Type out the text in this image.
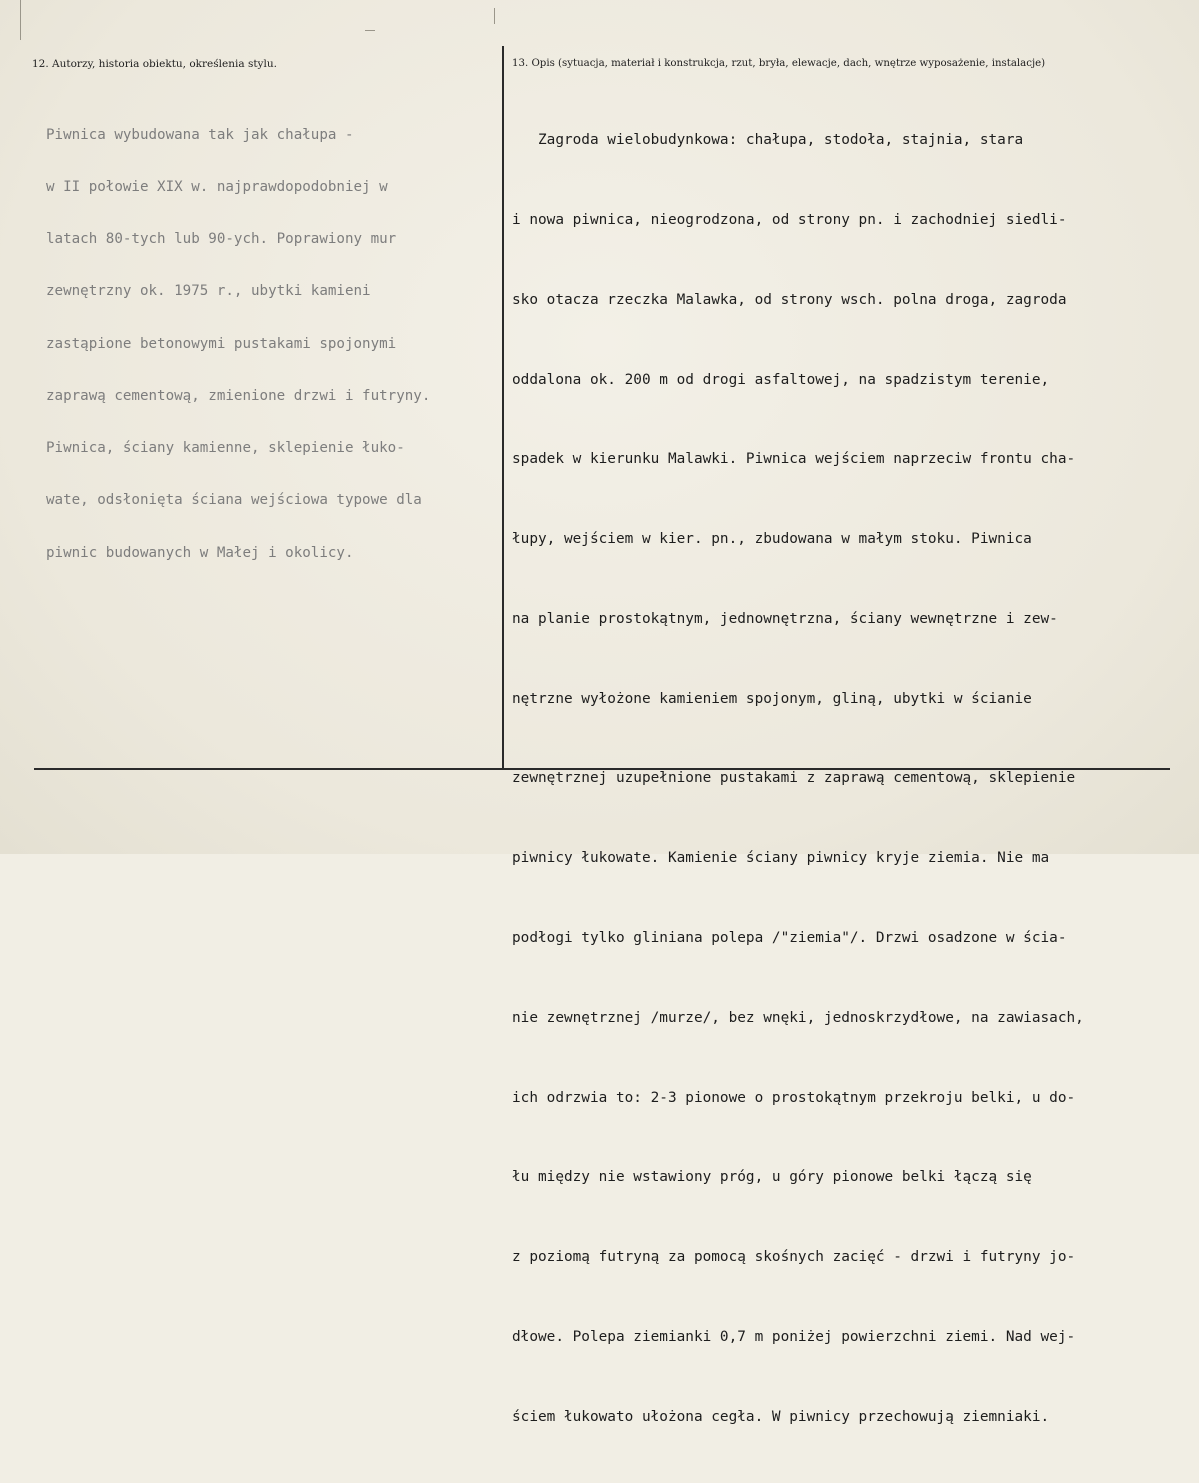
12. Autorzy, historia obiektu, określenia stylu.	13. Opis (sytuacja, materiał i konstrukcja, rzut, bryła, elewacje, dach, wnętrze wyposażenie, instalacje)

Piwnica wybudowana tak jak chałupa -

w II połowie XIX w. najprawdopodobniej w

latach 80-tych lub 90-ych. Poprawiony mur

zewnętrzny ok. 1975 r., ubytki kamieni

zastąpione betonowymi pustakami spojonymi

zaprawą cementową, zmienione drzwi i futryny.

Piwnica, ściany kamienne, sklepienie łuko-

wate, odsłonięta ściana wejściowa typowe dla

piwnic budowanych w Małej i okolicy.

Zagroda wielobudynkowa: chałupa, stodoła, stajnia, stara

i nowa piwnica, nieogrodzona, od strony pn. i zachodniej siedli-

sko otacza rzeczka Malawka, od strony wsch. polna droga, zagroda

oddalona ok. 200 m od drogi asfaltowej, na spadzistym terenie,

spadek w kierunku Malawki. Piwnica wejściem naprzeciw frontu cha-

łupy, wejściem w kier. pn., zbudowana w małym stoku. Piwnica

na planie prostokątnym, jednownętrzna, ściany wewnętrzne i zew-

nętrzne wyłożone kamieniem spojonym, gliną, ubytki w ścianie

zewnętrznej uzupełnione pustakami z zaprawą cementową, sklepienie

piwnicy łukowate. Kamienie ściany piwnicy kryje ziemia. Nie ma

podłogi tylko gliniana polepa /"ziemia"/. Drzwi osadzone w ścia-

nie zewnętrznej /murze/, bez wnęki, jednoskrzydłowe, na zawiasach,

ich odrzwia to: 2-3 pionowe o prostokątnym przekroju belki, u do-

łu między nie wstawiony próg, u góry pionowe belki łączą się

z poziomą futryną za pomocą skośnych zacięć - drzwi i futryny jo-

dłowe. Polepa ziemianki 0,7 m poniżej powierzchni ziemi. Nad wej-

ściem łukowato ułożona cegła. W piwnicy przechowują ziemniaki.
